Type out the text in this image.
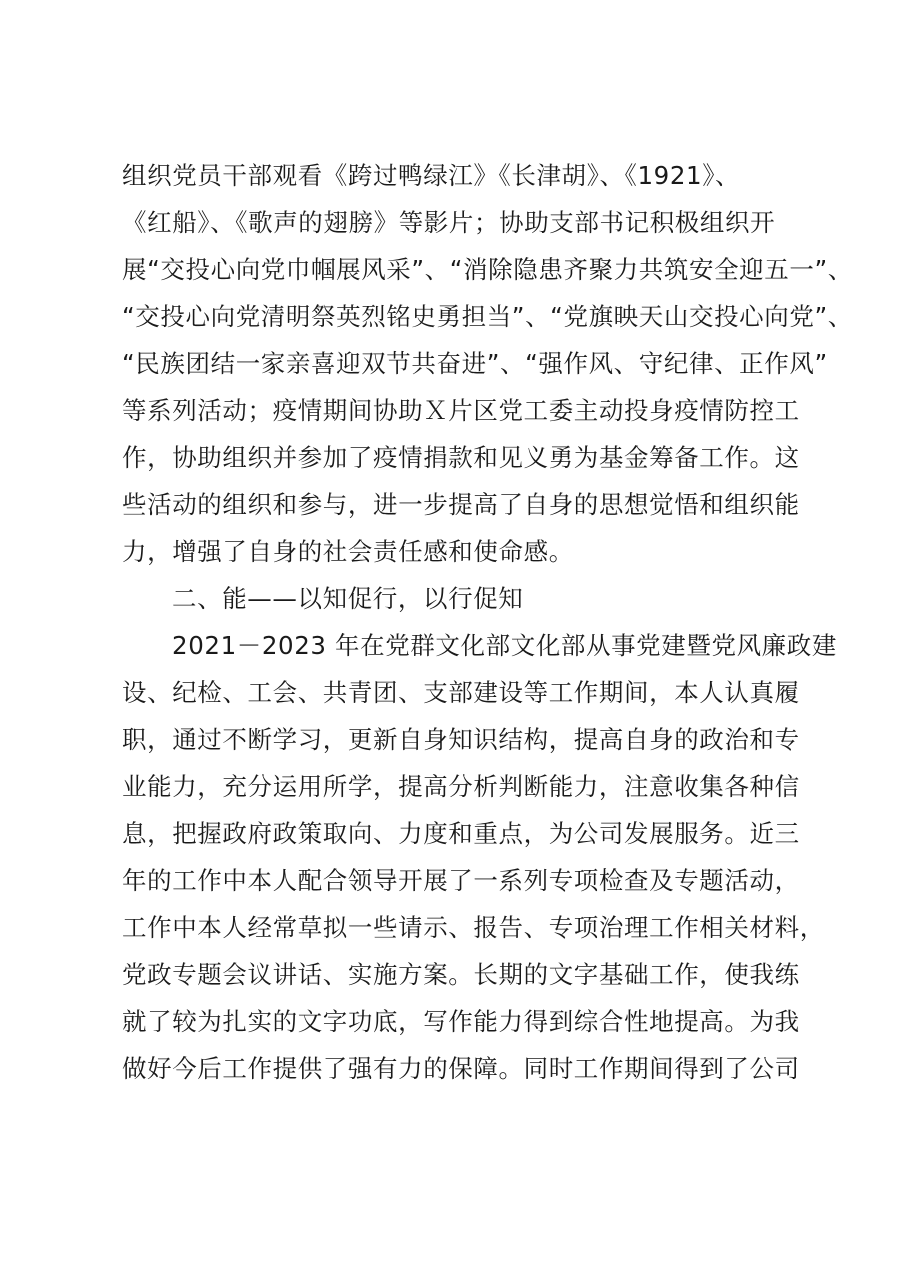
组织党员干部观看《跨过鸭绿江》《长津胡》、《1921》、
《红船》、《歌声的翅膀》等影片；协助支部书记积极组织开
展“交投心向党巾帼展风采”、“消除隐患齐聚力共筑安全迎五一”、
“交投心向党清明祭英烈铭史勇担当”、“党旗映天山交投心向党”、
“民族团结一家亲喜迎双节共奋进”、“强作风、守纪律、正作风”
等系列活动；疫情期间协助Ｘ片区党工委主动投身疫情防控工
作，协助组织并参加了疫情捐款和见义勇为基金筹备工作。这
些活动的组织和参与，进一步提高了自身的思想觉悟和组织能
力，增强了自身的社会责任感和使命感。
二、能——以知促行，以行促知
2021－2023 年在党群文化部文化部从事党建暨党风廉政建
设、纪检、工会、共青团、支部建设等工作期间，本人认真履
职，通过不断学习，更新自身知识结构，提高自身的政治和专
业能力，充分运用所学，提高分析判断能力，注意收集各种信
息，把握政府政策取向、力度和重点，为公司发展服务。近三
年的工作中本人配合领导开展了一系列专项检查及专题活动，
工作中本人经常草拟一些请示、报告、专项治理工作相关材料，
党政专题会议讲话、实施方案。长期的文字基础工作，使我练
就了较为扎实的文字功底，写作能力得到综合性地提高。为我
做好今后工作提供了强有力的保障。同时工作期间得到了公司
